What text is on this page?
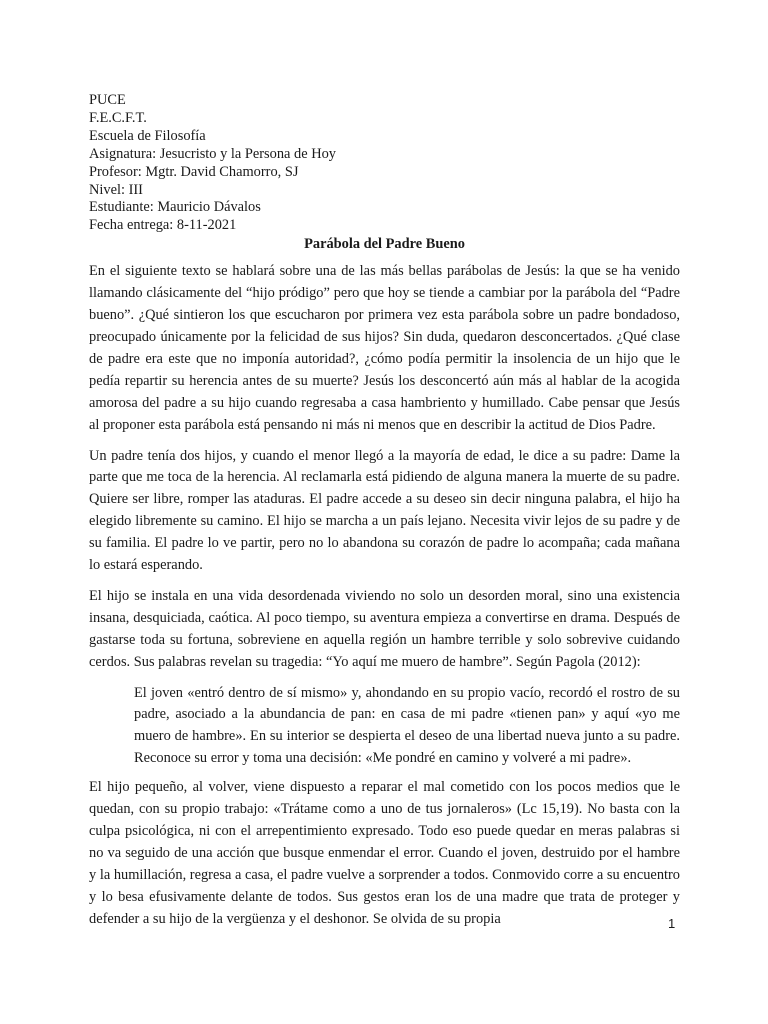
PUCE

F.E.C.F.T.

Escuela de Filosofía

Asignatura: Jesucristo y la Persona de Hoy

Profesor: Mgtr. David Chamorro, SJ

Nivel: III

Estudiante: Mauricio Dávalos

Fecha entrega: 8-11-2021

Parábola del Padre Bueno

En el siguiente texto se hablará sobre una de las más bellas parábolas de Jesús: la que se ha venido llamando clásicamente del “hijo pródigo” pero que hoy se tiende a cambiar por la parábola del “Padre bueno”. ¿Qué sintieron los que escucharon por primera vez esta parábola sobre un padre bondadoso, preocupado únicamente por la felicidad de sus hijos? Sin duda, quedaron desconcertados. ¿Qué clase de padre era este que no imponía autoridad?, ¿cómo podía permitir la insolencia de un hijo que le pedía repartir su herencia antes de su muerte? Jesús los desconcertó aún más al hablar de la acogida amorosa del padre a su hijo cuando regresaba a casa hambriento y humillado. Cabe pensar que Jesús al proponer esta parábola está pensando ni más ni menos que en describir la actitud de Dios Padre.

Un padre tenía dos hijos, y cuando el menor llegó a la mayoría de edad, le dice a su padre: Dame la parte que me toca de la herencia. Al reclamarla está pidiendo de alguna manera la muerte de su padre. Quiere ser libre, romper las ataduras. El padre accede a su deseo sin decir ninguna palabra, el hijo ha elegido libremente su camino. El hijo se marcha a un país lejano. Necesita vivir lejos de su padre y de su familia. El padre lo ve partir, pero no lo abandona su corazón de padre lo acompaña; cada mañana lo estará esperando.

El hijo se instala en una vida desordenada viviendo no solo un desorden moral, sino una existencia insana, desquiciada, caótica. Al poco tiempo, su aventura empieza a convertirse en drama. Después de gastarse toda su fortuna, sobreviene en aquella región un hambre terrible y solo sobrevive cuidando cerdos. Sus palabras revelan su tragedia: “Yo aquí me muero de hambre”. Según Pagola (2012):

El joven «entró dentro de sí mismo» y, ahondando en su propio vacío, recordó el rostro de su padre, asociado a la abundancia de pan: en casa de mi padre «tienen pan» y aquí «yo me muero de hambre». En su interior se despierta el deseo de una libertad nueva junto a su padre. Reconoce su error y toma una decisión: «Me pondré en camino y volveré a mi padre».

El hijo pequeño, al volver, viene dispuesto a reparar el mal cometido con los pocos medios que le quedan, con su propio trabajo: «Trátame como a uno de tus jornaleros» (Lc 15,19). No basta con la culpa psicológica, ni con el arrepentimiento expresado. Todo eso puede quedar en meras palabras si no va seguido de una acción que busque enmendar el error. Cuando el joven, destruido por el hambre y la humillación, regresa a casa, el padre vuelve a sorprender a todos. Conmovido corre a su encuentro y lo besa efusivamente delante de todos. Sus gestos eran los de una madre que trata de proteger y defender a su hijo de la vergüenza y el deshonor. Se olvida de su propia	1
